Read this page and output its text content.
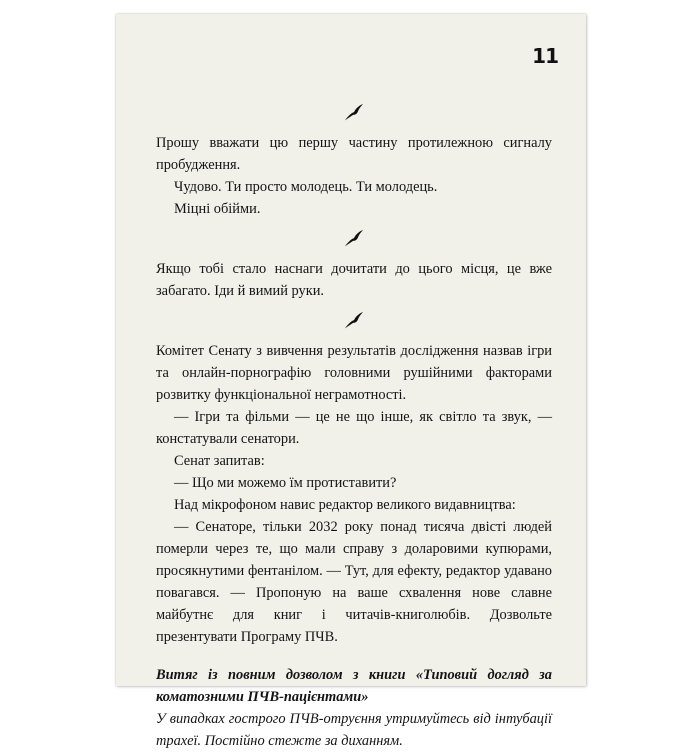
11

Прошу вважати цю першу частину протилежною сигналу пробудження.

Чудово. Ти просто молодець. Ти молодець.

Міцні обійми.

Якщо тобі стало наснаги дочитати до цього місця, це вже забагато. Іди й вимий руки.

Комітет Сенату з вивчення результатів дослідження назвав ігри та онлайн-порнографію головними рушійними факторами розвитку функціональної неграмотності.

— Ігри та фільми — це не що інше, як світло та звук, — констатували сенатори.

Сенат запитав:

— Що ми можемо їм протиставити?

Над мікрофоном навис редактор великого видавництва:

— Сенаторе, тільки 2032 року понад тисяча двісті людей померли через те, що мали справу з доларовими купюрами, просякнутими фентанілом. — Тут, для ефекту, редактор удавано повагався. — Пропоную на ваше схвалення нове славне майбутнє для книг і читачів-книголюбів. Дозвольте презентувати Програму ПЧВ.

Витяг із повним дозволом з книги «Типовий догляд за коматозними ПЧВ-пацієнтами»

У випадках гострого ПЧВ-отруєння утримуйтесь від інтубації трахеї. Постійно стежте за диханням.
